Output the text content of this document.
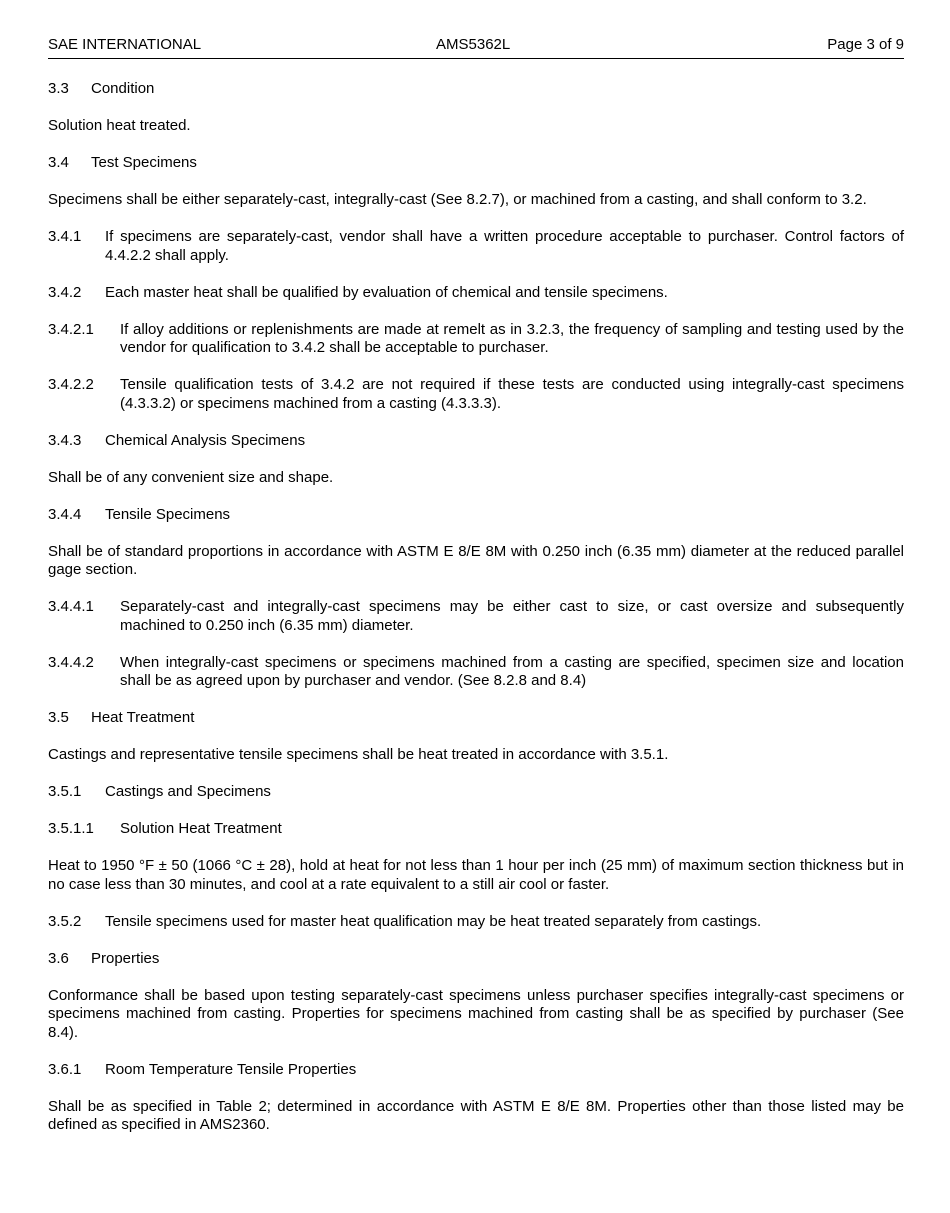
SAE INTERNATIONAL	AMS5362L	Page 3 of 9
3.3	Condition

Solution heat treated.

3.4	Test Specimens

Specimens shall be either separately-cast, integrally-cast (See 8.2.7), or machined from a casting, and shall conform to 3.2.

3.4.1	If specimens are separately-cast, vendor shall have a written procedure acceptable to purchaser. Control factors of 4.4.2.2 shall apply.
3.4.2	Each master heat shall be qualified by evaluation of chemical and tensile specimens.
3.4.2.1	If alloy additions or replenishments are made at remelt as in 3.2.3, the frequency of sampling and testing used by the vendor for qualification to 3.4.2 shall be acceptable to purchaser.
3.4.2.2	Tensile qualification tests of 3.4.2 are not required if these tests are conducted using integrally-cast specimens (4.3.3.2) or specimens machined from a casting (4.3.3.3).
3.4.3	Chemical Analysis Specimens

Shall be of any convenient size and shape.

3.4.4	Tensile Specimens

Shall be of standard proportions in accordance with ASTM E 8/E 8M with 0.250 inch (6.35 mm) diameter at the reduced parallel gage section.

3.4.4.1	Separately-cast and integrally-cast specimens may be either cast to size, or cast oversize and subsequently machined to 0.250 inch (6.35 mm) diameter.
3.4.4.2	When integrally-cast specimens or specimens machined from a casting are specified, specimen size and location shall be as agreed upon by purchaser and vendor. (See 8.2.8 and 8.4)
3.5	Heat Treatment

Castings and representative tensile specimens shall be heat treated in accordance with 3.5.1.

3.5.1	Castings and Specimens
3.5.1.1	Solution Heat Treatment

Heat to 1950 °F ± 50 (1066 °C ± 28), hold at heat for not less than 1 hour per inch (25 mm) of maximum section thickness but in no case less than 30 minutes, and cool at a rate equivalent to a still air cool or faster.

3.5.2	Tensile specimens used for master heat qualification may be heat treated separately from castings.
3.6	Properties

Conformance shall be based upon testing separately-cast specimens unless purchaser specifies integrally-cast specimens or specimens machined from casting. Properties for specimens machined from casting shall be as specified by purchaser (See 8.4).

3.6.1	Room Temperature Tensile Properties

Shall be as specified in Table 2; determined in accordance with ASTM E 8/E 8M. Properties other than those listed may be defined as specified in AMS2360.
